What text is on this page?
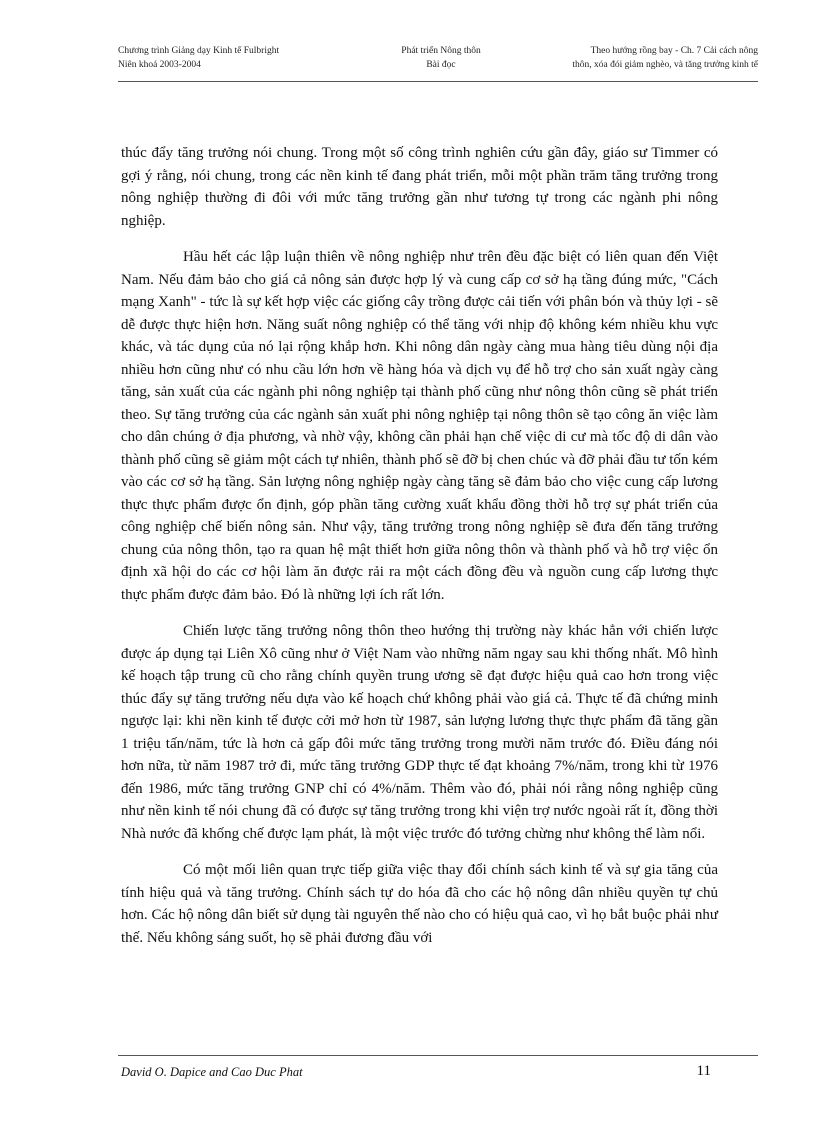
Chương trình Giảng dạy Kinh tế Fulbright
Niên khoá 2003-2004
Phát triển Nông thôn
Bài đọc
Theo hướng rồng bay - Ch. 7 Cải cách nông
thôn, xóa đói giảm nghèo, và tăng trưởng kinh tế

thúc đẩy tăng trưởng nói chung. Trong một số công trình nghiên cứu gần đây, giáo sư Timmer có gợi ý rằng, nói chung, trong các nền kinh tế đang phát triển, mỗi một phần trăm tăng trưởng trong nông nghiệp thường đi đôi với mức tăng trưởng gần như tương tự trong các ngành phi nông nghiệp.

Hầu hết các lập luận thiên về nông nghiệp như trên đều đặc biệt có liên quan đến Việt Nam. Nếu đảm bảo cho giá cả nông sản được hợp lý và cung cấp cơ sở hạ tầng đúng mức, "Cách mạng Xanh" - tức là sự kết hợp việc các giống cây trồng được cải tiến với phân bón và thủy lợi - sẽ dễ được thực hiện hơn. Năng suất nông nghiệp có thể tăng với nhịp độ không kém nhiều khu vực khác, và tác dụng của nó lại rộng khắp hơn. Khi nông dân ngày càng mua hàng tiêu dùng nội địa nhiều hơn cũng như có nhu cầu lớn hơn về hàng hóa và dịch vụ để hỗ trợ cho sản xuất ngày càng tăng, sản xuất của các ngành phi nông nghiệp tại thành phố cũng như nông thôn cũng sẽ phát triển theo. Sự tăng trưởng của các ngành sản xuất phi nông nghiệp tại nông thôn sẽ tạo công ăn việc làm cho dân chúng ở địa phương, và nhờ vậy, không cần phải hạn chế việc di cư mà tốc độ di dân vào thành phố cũng sẽ giảm một cách tự nhiên, thành phố sẽ đỡ bị chen chúc và đỡ phải đầu tư tốn kém vào các cơ sở hạ tầng. Sản lượng nông nghiệp ngày càng tăng sẽ đảm bảo cho việc cung cấp lương thực thực phẩm được ổn định, góp phần tăng cường xuất khẩu đồng thời hỗ trợ sự phát triển của công nghiệp chế biến nông sản. Như vậy, tăng trưởng trong nông nghiệp sẽ đưa đến tăng trưởng chung của nông thôn, tạo ra quan hệ mật thiết hơn giữa nông thôn và thành phố và hỗ trợ việc ổn định xã hội do các cơ hội làm ăn được rải ra một cách đồng đều và nguồn cung cấp lương thực thực phẩm được đảm bảo. Đó là những lợi ích rất lớn.

Chiến lược tăng trưởng nông thôn theo hướng thị trường này khác hẳn với chiến lược được áp dụng tại Liên Xô cũng như ở Việt Nam vào những năm ngay sau khi thống nhất. Mô hình kế hoạch tập trung cũ cho rằng chính quyền trung ương sẽ đạt được hiệu quả cao hơn trong việc thúc đẩy sự tăng trưởng nếu dựa vào kế hoạch chứ không phải vào giá cả. Thực tế đã chứng minh ngược lại: khi nền kinh tế được cởi mở hơn từ 1987, sản lượng lương thực thực phẩm đã tăng gần 1 triệu tấn/năm, tức là hơn cả gấp đôi mức tăng trưởng trong mười năm trước đó. Điều đáng nói hơn nữa, từ năm 1987 trở đi, mức tăng trưởng GDP thực tế đạt khoảng 7%/năm, trong khi từ 1976 đến 1986, mức tăng trưởng GNP chỉ có 4%/năm. Thêm vào đó, phải nói rằng nông nghiệp cũng như nền kinh tế nói chung đã có được sự tăng trưởng trong khi viện trợ nước ngoài rất ít, đồng thời Nhà nước đã khống chế được lạm phát, là một việc trước đó tưởng chừng như không thể làm nổi.

Có một mối liên quan trực tiếp giữa việc thay đổi chính sách kinh tế và sự gia tăng của tính hiệu quả và tăng trưởng. Chính sách tự do hóa đã cho các hộ nông dân nhiều quyền tự chủ hơn. Các hộ nông dân biết sử dụng tài nguyên thế nào cho có hiệu quả cao, vì họ bắt buộc phải như thế. Nếu không sáng suốt, họ sẽ phải đương đầu với

David O. Dapice and Cao Duc Phat	11
